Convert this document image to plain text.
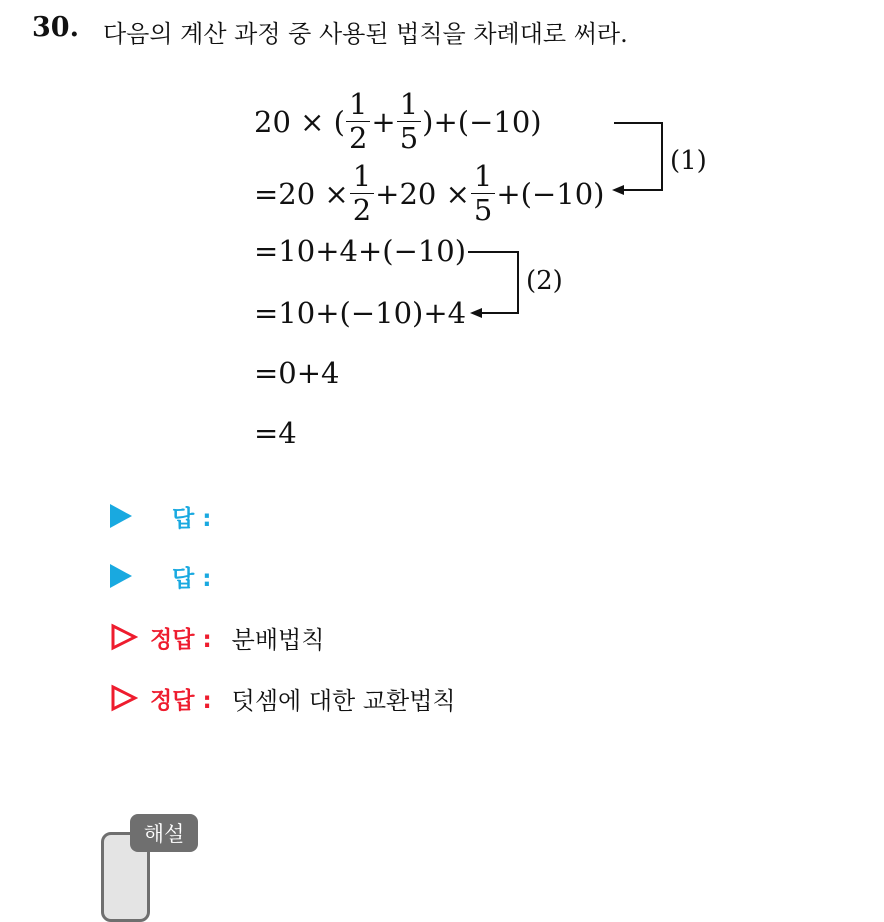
30. 다음의 계산 과정 중 사용된 법칙을 차례대로 써라.
20 × ( $\frac{1}{2} + \frac{1}{5} )+(-10)$
$=20 \times \frac{1}{2} +20 \times \frac{1}{5} +(-10)$
=10+4+(−10)
=10+(−10)+4
=0+4
=4
(1)
(2)
답 :
답 :
정답 : 분배법칙
정답 : 덧셈에 대한 교환법칙
해설
